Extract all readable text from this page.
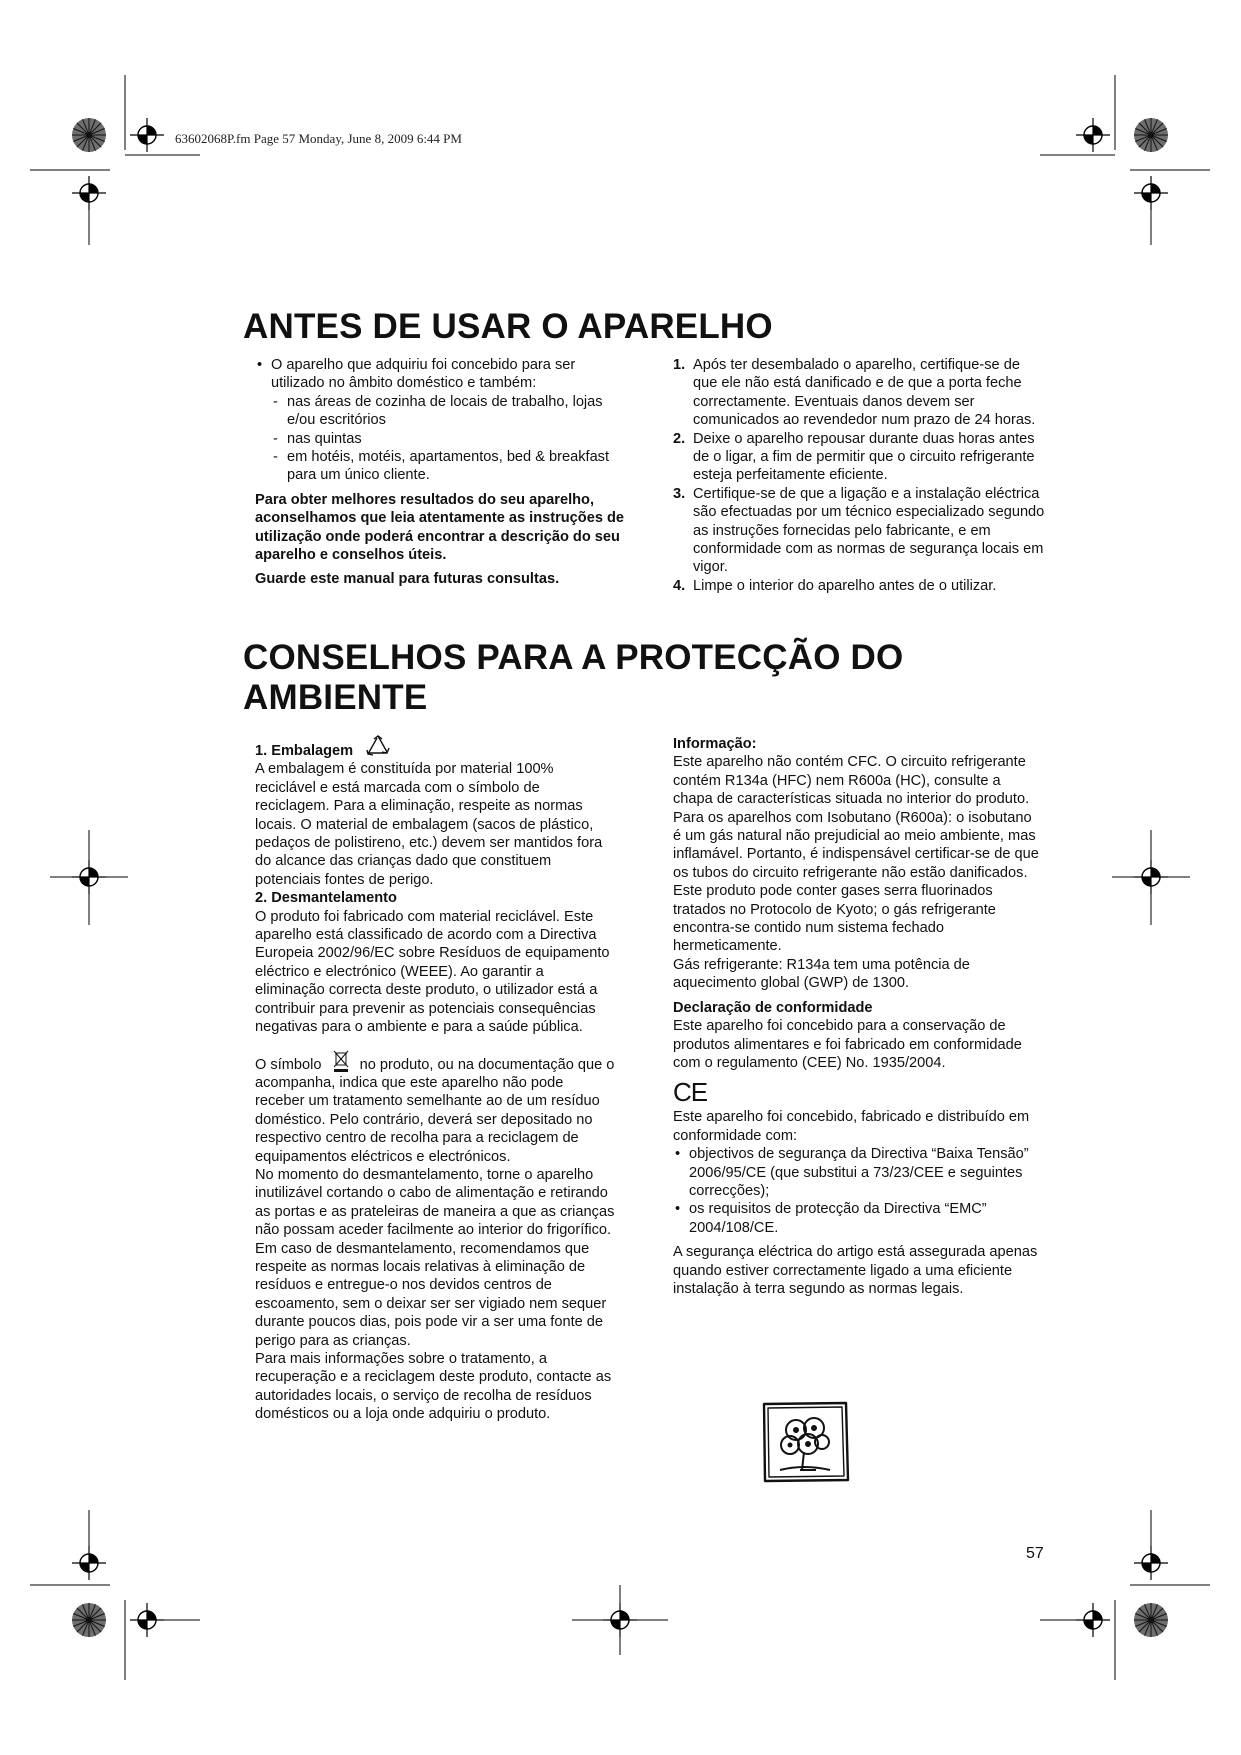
63602068P.fm Page 57 Monday, June 8, 2009 6:44 PM
ANTES DE USAR O APARELHO
• O aparelho que adquiriu foi concebido para ser utilizado no âmbito doméstico e também:
- nas áreas de cozinha de locais de trabalho, lojas e/ou escritórios
- nas quintas
- em hotéis, motéis, apartamentos, bed & breakfast para um único cliente.

Para obter melhores resultados do seu aparelho, aconselhamos que leia atentamente as instruções de utilização onde poderá encontrar a descrição do seu aparelho e conselhos úteis.

Guarde este manual para futuras consultas.

1. Após ter desembalado o aparelho, certifique-se de que ele não está danificado e de que a porta feche correctamente. Eventuais danos devem ser comunicados ao revendedor num prazo de 24 horas.
2. Deixe o aparelho repousar durante duas horas antes de o ligar, a fim de permitir que o circuito refrigerante esteja perfeitamente eficiente.
3. Certifique-se de que a ligação e a instalação eléctrica são efectuadas por um técnico especializado segundo as instruções fornecidas pelo fabricante, e em conformidade com as normas de segurança locais em vigor.
4. Limpe o interior do aparelho antes de o utilizar.
CONSELHOS PARA A PROTECÇÃO DO
AMBIENTE

1. Embalagem

A embalagem é constituída por material 100% reciclável e está marcada com o símbolo de reciclagem. Para a eliminação, respeite as normas

locais. O material de embalagem (sacos de plástico, pedaços de polistireno, etc.) devem ser mantidos fora do alcance das crianças dado que constituem potenciais fontes de perigo.

2. Desmantelamento

O produto foi fabricado com material reciclável. Este aparelho está classificado de acordo com a Directiva Europeia 2002/96/EC sobre Resíduos de equipamento eléctrico e electrónico (WEEE). Ao garantir a eliminação correcta deste produto, o utilizador está a contribuir para prevenir as potenciais consequências negativas para o ambiente e para a saúde pública.

O símbolo	no produto, ou na documentação que o acompanha, indica que este aparelho não pode receber um tratamento semelhante ao de um resíduo doméstico. Pelo contrário, deverá ser depositado no respectivo centro de recolha para a reciclagem de equipamentos eléctricos e electrónicos.

No momento do desmantelamento, torne o aparelho inutilizável cortando o cabo de alimentação e retirando as portas e as prateleiras de maneira a que as crianças não possam aceder facilmente ao interior do frigorífico.

Em caso de desmantelamento, recomendamos que respeite as normas locais relativas à eliminação de resíduos e entregue-o nos devidos centros de escoamento, sem o deixar ser ser vigiado nem sequer durante poucos dias, pois pode vir a ser uma fonte de perigo para as crianças.

Para mais informações sobre o tratamento, a recuperação e a reciclagem deste produto, contacte as autoridades locais, o serviço de recolha de resíduos domésticos ou a loja onde adquiriu o produto.

Informação:

Este aparelho não contém CFC. O circuito refrigerante contém R134a (HFC) nem R600a (HC), consulte a chapa de características situada no interior do produto.

Para os aparelhos com Isobutano (R600a): o isobutano é um gás natural não prejudicial ao meio ambiente, mas inflamável. Portanto, é indispensável certificar-se de que os tubos do circuito refrigerante não estão danificados.

Este produto pode conter gases serra fluorinados tratados no Protocolo de Kyoto; o gás refrigerante encontra-se contido num sistema fechado hermeticamente.

Gás refrigerante: R134a tem uma potência de aquecimento global (GWP) de 1300.

Declaração de conformidade

Este aparelho foi concebido para a conservação de produtos alimentares e foi fabricado em conformidade com o regulamento (CEE) No. 1935/2004.

CE

Este aparelho foi concebido, fabricado e distribuído em conformidade com:

• objectivos de segurança da Directiva “Baixa Tensão” 2006/95/CE (que substitui a 73/23/CEE e seguintes correcções);
• os requisitos de protecção da Directiva “EMC” 2004/108/CE.

A segurança eléctrica do artigo está assegurada apenas quando estiver correctamente ligado a uma eficiente instalação à terra segundo as normas legais.

57
